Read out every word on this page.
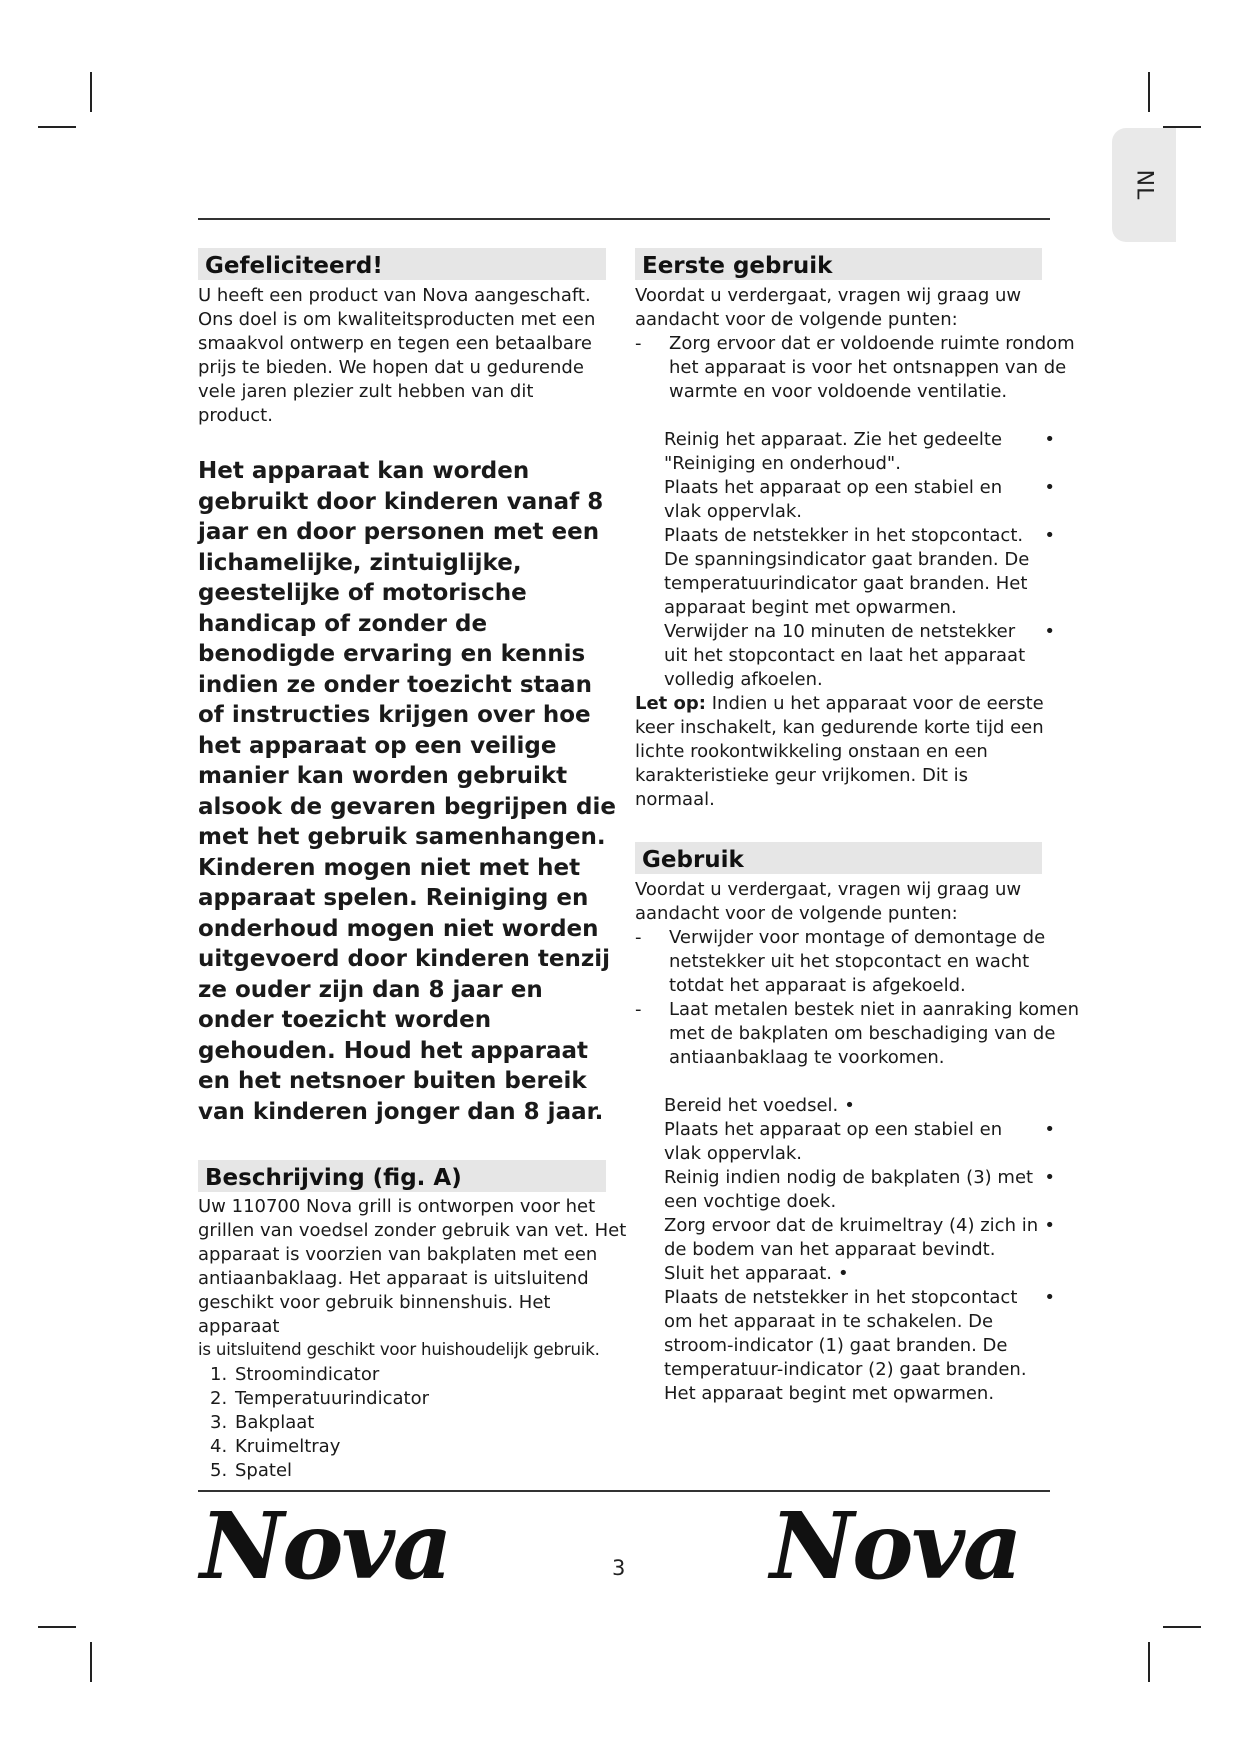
NL
Gefeliciteerd!
U heeft een product van Nova aangeschaft. Ons doel is om kwaliteitsproducten met een smaakvol ontwerp en tegen een betaalbare prijs te bieden. We hopen dat u gedurende vele jaren plezier zult hebben van dit product.
Het apparaat kan worden gebruikt door kinderen vanaf 8 jaar en door personen met een lichamelijke, zintuiglijke, geestelijke of motorische handicap of zonder de benodigde ervaring en kennis indien ze onder toezicht staan of instructies krijgen over hoe het apparaat op een veilige manier kan worden gebruikt alsook de gevaren begrijpen die met het gebruik samenhangen. Kinderen mogen niet met het apparaat spelen. Reiniging en onderhoud mogen niet worden uitgevoerd door kinderen tenzij ze ouder zijn dan 8 jaar en onder toezicht worden gehouden. Houd het apparaat en het netsnoer buiten bereik van kinderen jonger dan 8 jaar.
Beschrijving (fig. A)
Uw 110700 Nova grill is ontworpen voor het grillen van voedsel zonder gebruik van vet. Het apparaat is voorzien van bakplaten met een antiaanbaklaag. Het apparaat is uitsluitend geschikt voor gebruik binnenshuis. Het apparaat
is uitsluitend geschikt voor huishoudelijk gebruik.
1. Stroomindicator
2. Temperatuurindicator
3. Bakplaat
4. Kruimeltray
5. Spatel
Eerste gebruik
Voordat u verdergaat, vragen wij graag uw aandacht voor de volgende punten:
- Zorg ervoor dat er voldoende ruimte rondom het apparaat is voor het ontsnappen van de warmte en voor voldoende ventilatie.
Reinig het apparaat. Zie het gedeelte "Reiniging en onderhoud".
•
Plaats het apparaat op een stabiel en vlak oppervlak.
•
Plaats de netstekker in het stopcontact. De spanningsindicator gaat branden. De temperatuurindicator gaat branden. Het apparaat begint met opwarmen.
•
Verwijder na 10 minuten de netstekker uit het stopcontact en laat het apparaat volledig afkoelen.
•
Let op: Indien u het apparaat voor de eerste keer inschakelt, kan gedurende korte tijd een lichte rookontwikkeling onstaan en een karakteristieke geur vrijkomen. Dit is normaal.
Gebruik
Voordat u verdergaat, vragen wij graag uw aandacht voor de volgende punten:
- Verwijder voor montage of demontage de netstekker uit het stopcontact en wacht totdat het apparaat is afgekoeld.
- Laat metalen bestek niet in aanraking komen met de bakplaten om beschadiging van de antiaanbaklaag te voorkomen.
Bereid het voedsel. •
Plaats het apparaat op een stabiel en vlak oppervlak.
•
Reinig indien nodig de bakplaten (3) met een vochtige doek.
•
Zorg ervoor dat de kruimeltray (4) zich in de bodem van het apparaat bevindt.
•
Sluit het apparaat. •
Plaats de netstekker in het stopcontact om het apparaat in te schakelen. De stroom-indicator (1) gaat branden. De temperatuur-indicator (2) gaat branden. Het apparaat begint met opwarmen.
•
Nova	3 Nova
